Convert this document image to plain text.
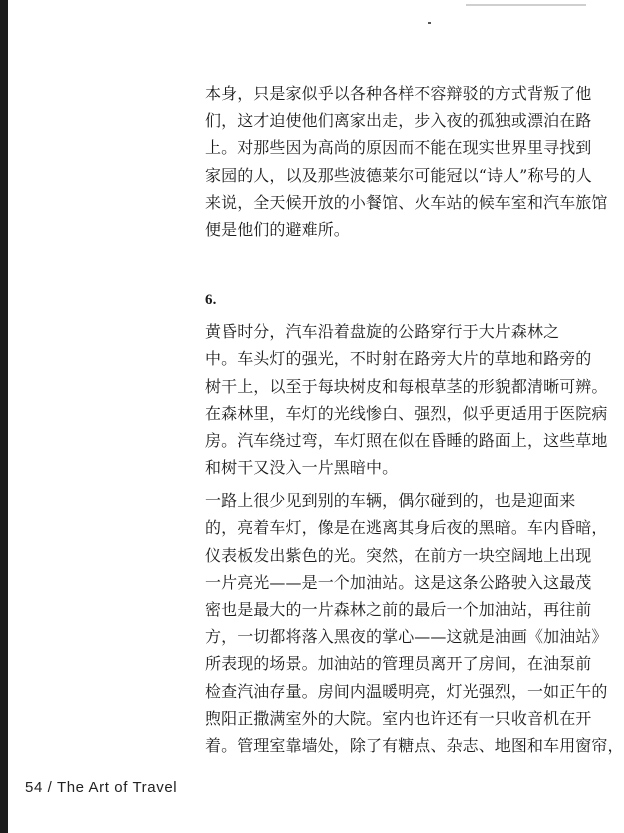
本身，只是家似乎以各种各样不容辩驳的方式背叛了他
们，这才迫使他们离家出走，步入夜的孤独或漂泊在路
上。对那些因为高尚的原因而不能在现实世界里寻找到
家园的人，以及那些波德莱尔可能冠以“诗人”称号的人
来说，全天候开放的小餐馆、火车站的候车室和汽车旅馆
便是他们的避难所。
6.
黄昏时分，汽车沿着盘旋的公路穿行于大片森林之
中。车头灯的强光，不时射在路旁大片的草地和路旁的
树干上，以至于每块树皮和每根草茎的形貌都清晰可辨。
在森林里，车灯的光线惨白、强烈，似乎更适用于医院病
房。汽车绕过弯，车灯照在似在昏睡的路面上，这些草地
和树干又没入一片黑暗中。
一路上很少见到别的车辆，偶尔碰到的，也是迎面来
的，亮着车灯，像是在逃离其身后夜的黑暗。车内昏暗，
仪表板发出紫色的光。突然，在前方一块空阔地上出现
一片亮光——是一个加油站。这是这条公路驶入这最茂
密也是最大的一片森林之前的最后一个加油站，再往前
方，一切都将落入黑夜的掌心——这就是油画《加油站》
所表现的场景。加油站的管理员离开了房间，在油泵前
检查汽油存量。房间内温暖明亮，灯光强烈，一如正午的
煦阳正撒满室外的大院。室内也许还有一只收音机在开
着。管理室靠墙处，除了有糖点、杂志、地图和车用窗帘，
54 / The Art of Travel
